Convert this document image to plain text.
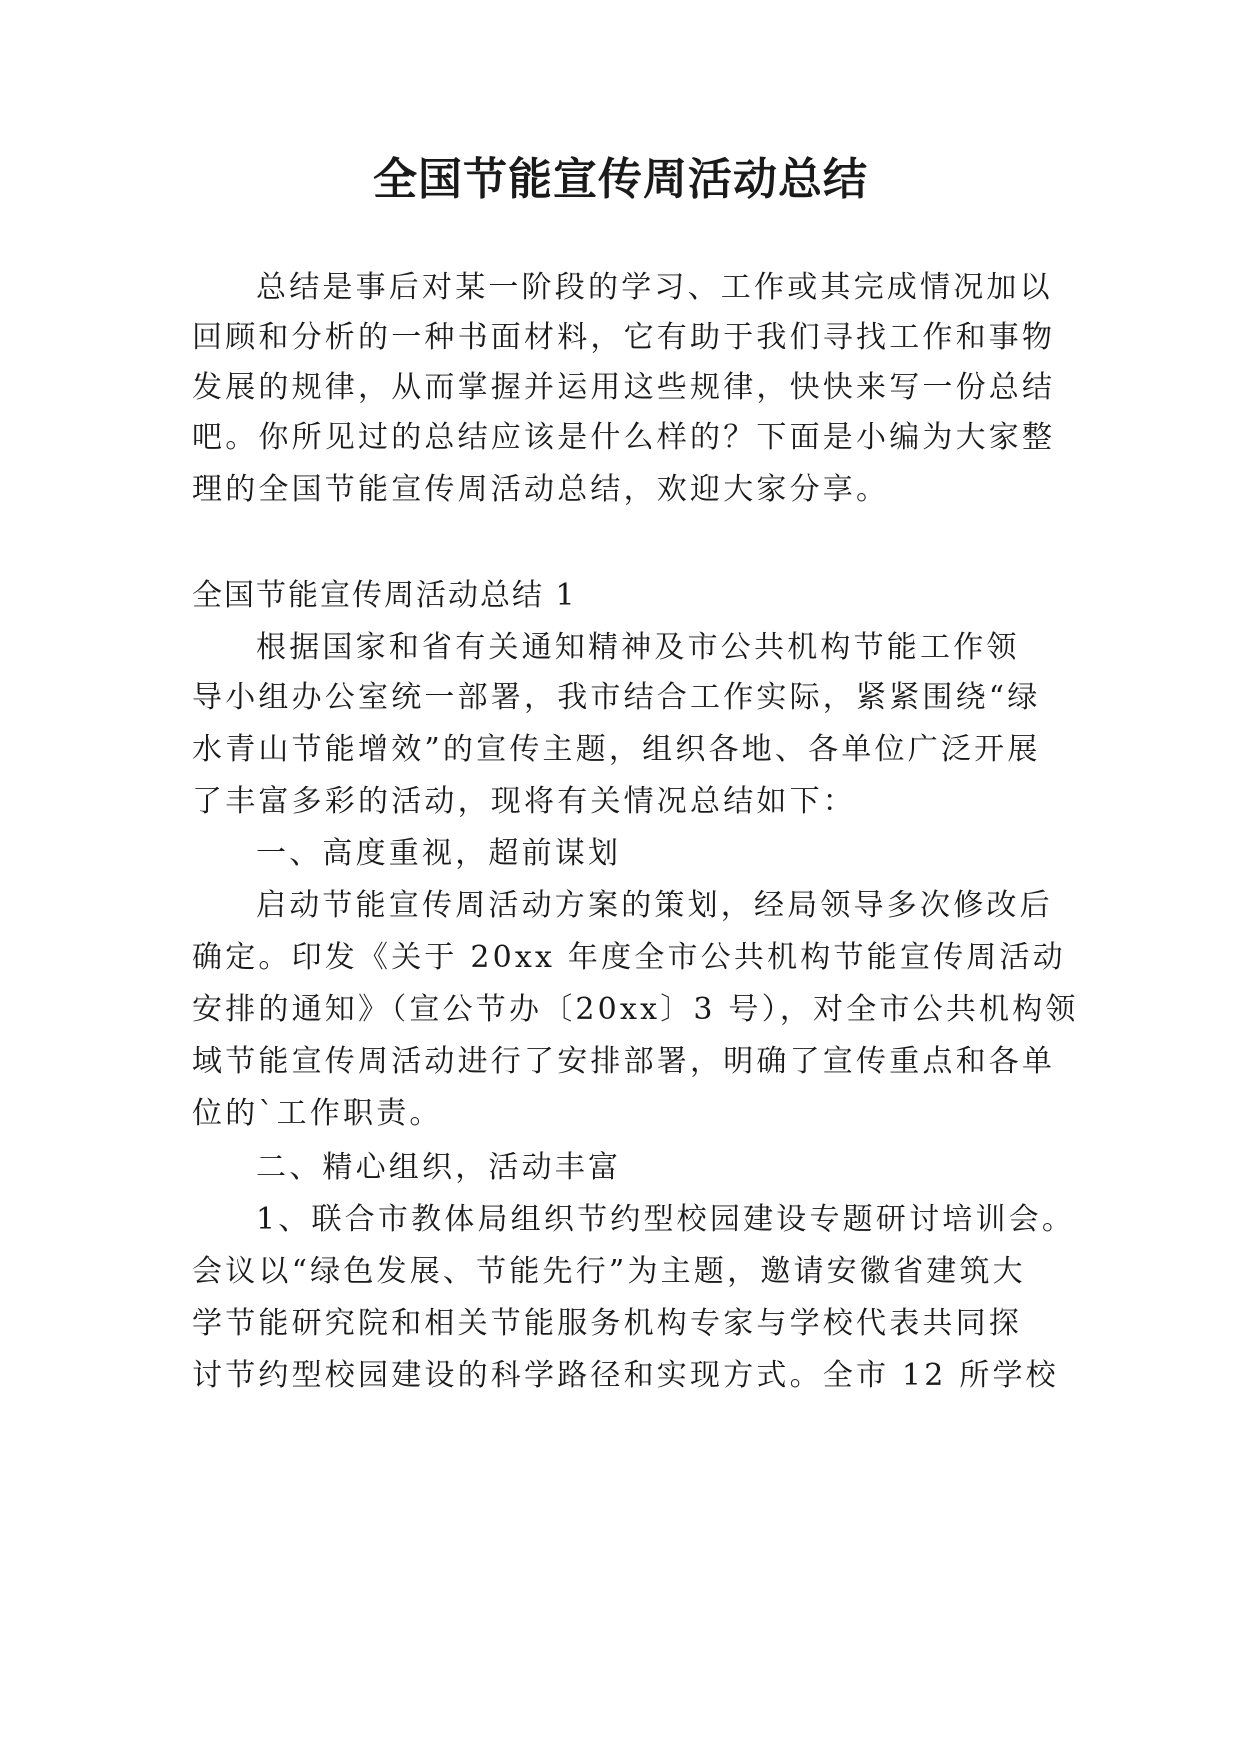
全国节能宣传周活动总结

总结是事后对某一阶段的学习、工作或其完成情况加以

回顾和分析的一种书面材料，它有助于我们寻找工作和事物

发展的规律，从而掌握并运用这些规律，快快来写一份总结

吧。你所见过的总结应该是什么样的？下面是小编为大家整

理的全国节能宣传周活动总结，欢迎大家分享。

全国节能宣传周活动总结 1

根据国家和省有关通知精神及市公共机构节能工作领

导小组办公室统一部署，我市结合工作实际，紧紧围绕“绿

水青山节能增效”的宣传主题，组织各地、各单位广泛开展

了丰富多彩的活动，现将有关情况总结如下：

一、高度重视，超前谋划

启动节能宣传周活动方案的策划，经局领导多次修改后

确定。印发《关于 20xx 年度全市公共机构节能宣传周活动

安排的通知》（宣公节办〔20xx〕3 号），对全市公共机构领

域节能宣传周活动进行了安排部署，明确了宣传重点和各单

位的`工作职责。

二、精心组织，活动丰富

1、联合市教体局组织节约型校园建设专题研讨培训会。

会议以“绿色发展、节能先行”为主题，邀请安徽省建筑大

学节能研究院和相关节能服务机构专家与学校代表共同探

讨节约型校园建设的科学路径和实现方式。全市 12 所学校
